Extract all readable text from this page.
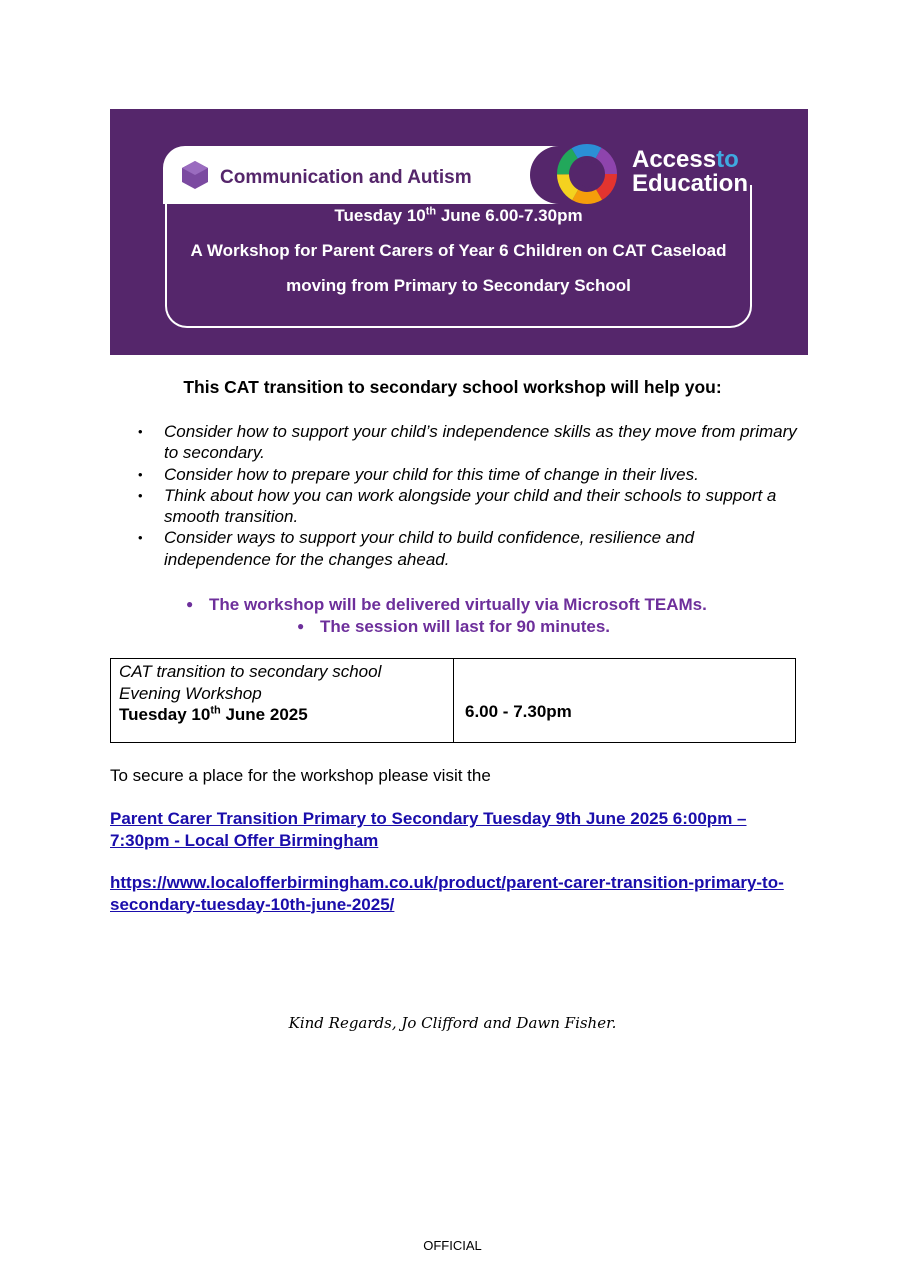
Communication and Autism
Accessto
Education
Tuesday 10th June 6.00-7.30pm
A Workshop for Parent Carers of Year 6 Children on CAT Caseload
moving from Primary to Secondary School
This CAT transition to secondary school workshop will help you:
• Consider how to support your child’s independence skills as they move from primary to secondary.
• Consider how to prepare your child for this time of change in their lives.
• Think about how you can work alongside your child and their schools to support a smooth transition.
• Consider ways to support your child to build confidence, resilience and independence for the changes ahead.
● The workshop will be delivered virtually via Microsoft TEAMs.
● The session will last for 90 minutes.
CAT transition to secondary school
Evening Workshop
Tuesday 10th June 2025
		6.00 - 7.30pm
To secure a place for the workshop please visit the
Parent Carer Transition Primary to Secondary Tuesday 9th June 2025 6:00pm – 7:30pm - Local Offer Birmingham
https://www.localofferbirmingham.co.uk/product/parent-carer-transition-primary-to-secondary-tuesday-10th-june-2025/
Kind Regards, Jo Clifford and Dawn Fisher.
OFFICIAL
